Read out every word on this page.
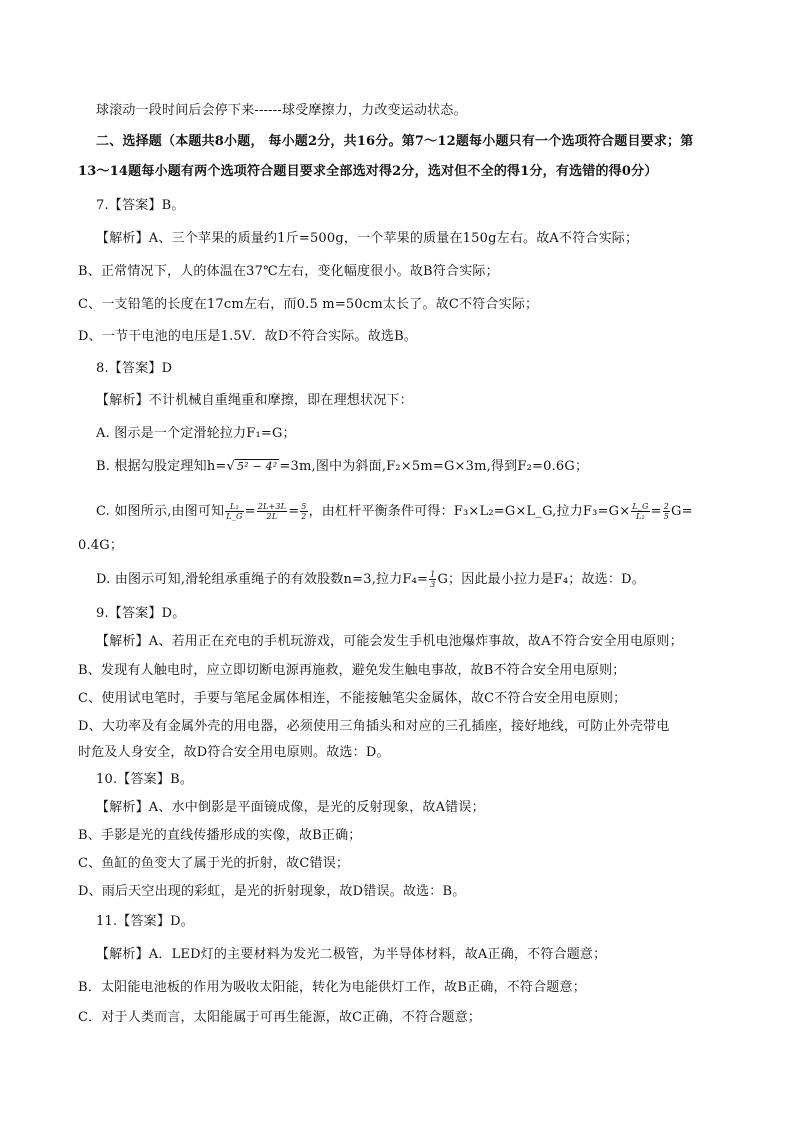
球滚动一段时间后会停下来------球受摩擦力，力改变运动状态。
二、选择题（本题共8小题， 每小题2分，共16分。第7～12题每小题只有一个选项符合题目要求；第
13～14题每小题有两个选项符合题目要求全部选对得2分，选对但不全的得1分，有选错的得0分）
7.【答案】B。
【解析】A、三个苹果的质量约1斤=500g，一个苹果的质量在150g左右。故A不符合实际；
B、正常情况下，人的体温在37℃左右，变化幅度很小。故B符合实际；
C、一支铅笔的长度在17cm左右，而0.5 m=50cm太长了。故C不符合实际；
D、一节干电池的电压是1.5V．故D不符合实际。故选B。
8.【答案】D
【解析】不计机械自重绳重和摩擦，即在理想状况下：
A. 图示是一个定滑轮拉力F₁=G；
B. 根据勾股定理知h=√ 5² − 4² =3m,图中为斜面,F₂×5m=G×3m,得到F₂=0.6G；
C. 如图所示,由图可知 $\frac{\text{L₂}}{L\_G} = \frac{2L+3L}{2L} = \frac{5}{2}$ ，由杠杆平衡条件可得：F₃×L₂=G×L_G,拉力$F_3=G\times \frac{L\_G}{\text{L₂}} = \frac{2}{5} G=$
0.4G；
D. 由图示可知,滑轮组承重绳子的有效股数n=3,拉力$F_4= \frac{1}{3}$ G；因此最小拉力是F₄；故选：D。
9.【答案】D。
【解析】A、若用正在充电的手机玩游戏，可能会发生手机电池爆炸事故，故A不符合安全用电原则；
B、发现有人触电时，应立即切断电源再施救，避免发生触电事故，故B不符合安全用电原则；
C、使用试电笔时，手要与笔尾金属体相连，不能接触笔尖金属体，故C不符合安全用电原则；
D、大功率及有金属外壳的用电器，必须使用三角插头和对应的三孔插座，接好地线，可防止外壳带电
时危及人身安全，故D符合安全用电原则。故选：D。
10.【答案】B。
【解析】A、水中倒影是平面镜成像，是光的反射现象，故A错误；
B、手影是光的直线传播形成的实像，故B正确；
C、鱼缸的鱼变大了属于光的折射，故C错误；
D、雨后天空出现的彩虹，是光的折射现象，故D错误。故选：B。
11.【答案】D。
【解析】A．LED灯的主要材料为发光二极管，为半导体材料，故A正确，不符合题意；
B．太阳能电池板的作用为吸收太阳能，转化为电能供灯工作，故B正确，不符合题意；
C．对于人类而言，太阳能属于可再生能源，故C正确，不符合题意；
